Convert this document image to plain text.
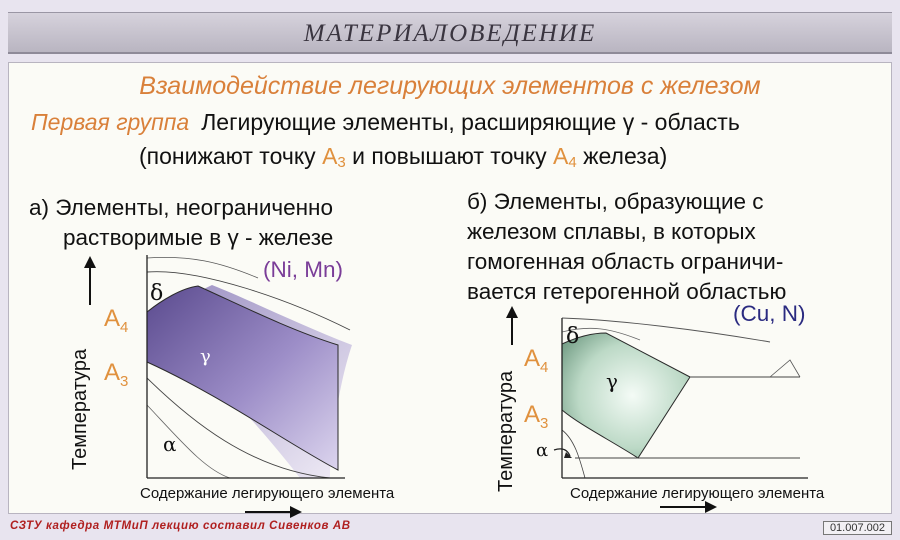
МАТЕРИАЛОВЕДЕНИЕ
Взаимодействие легирующих элементов с железом
Первая группа Легирующие элементы, расширяющие γ - область
(понижают точку $A_3$ и повышают точку $A_4$ железа)
а) Элементы, неограниченно
растворимые в γ - железе
(Ni, Mn)
б) Элементы, образующие с
железом сплавы, в которых
гомогенная область ограничи-
вается гетерогенной областью
(Cu, N)
Температура
$A_4$
$A_3$
δ
γ
α
Содержание легирующего элемента
Температура
$A_4$
$A_3$
δ
γ
α
Содержание легирующего элемента
СЗТУ кафедра МТМиП лекцию составил Сивенков АВ	01.007.002
